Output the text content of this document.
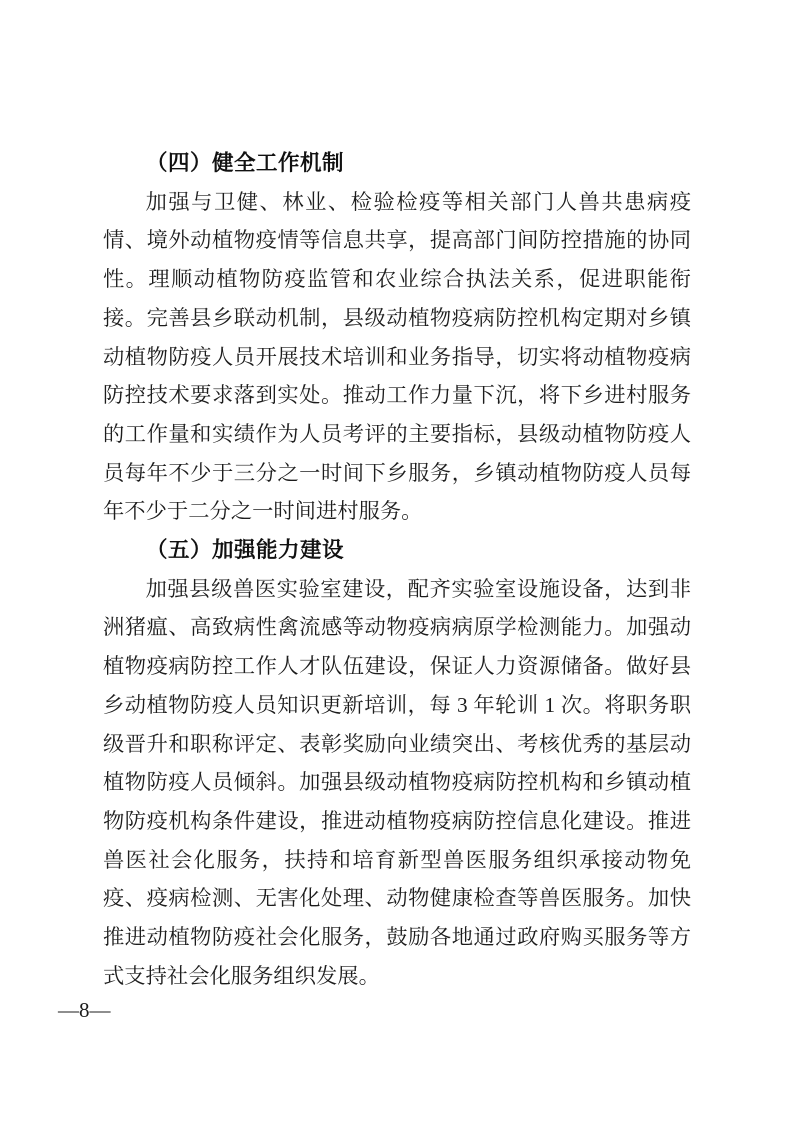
（四）健全工作机制

加强与卫健、林业、检验检疫等相关部门人兽共患病疫情、境外动植物疫情等信息共享，提高部门间防控措施的协同性。理顺动植物防疫监管和农业综合执法关系，促进职能衔接。完善县乡联动机制，县级动植物疫病防控机构定期对乡镇动植物防疫人员开展技术培训和业务指导，切实将动植物疫病防控技术要求落到实处。推动工作力量下沉，将下乡进村服务的工作量和实绩作为人员考评的主要指标，县级动植物防疫人员每年不少于三分之一时间下乡服务，乡镇动植物防疫人员每年不少于二分之一时间进村服务。

（五）加强能力建设

加强县级兽医实验室建设，配齐实验室设施设备，达到非洲猪瘟、高致病性禽流感等动物疫病病原学检测能力。加强动植物疫病防控工作人才队伍建设，保证人力资源储备。做好县乡动植物防疫人员知识更新培训，每 3 年轮训 1 次。将职务职级晋升和职称评定、表彰奖励向业绩突出、考核优秀的基层动植物防疫人员倾斜。加强县级动植物疫病防控机构和乡镇动植物防疫机构条件建设，推进动植物疫病防控信息化建设。推进兽医社会化服务，扶持和培育新型兽医服务组织承接动物免疫、疫病检测、无害化处理、动物健康检查等兽医服务。加快推进动植物防疫社会化服务，鼓励各地通过政府购买服务等方式支持社会化服务组织发展。

—8—
